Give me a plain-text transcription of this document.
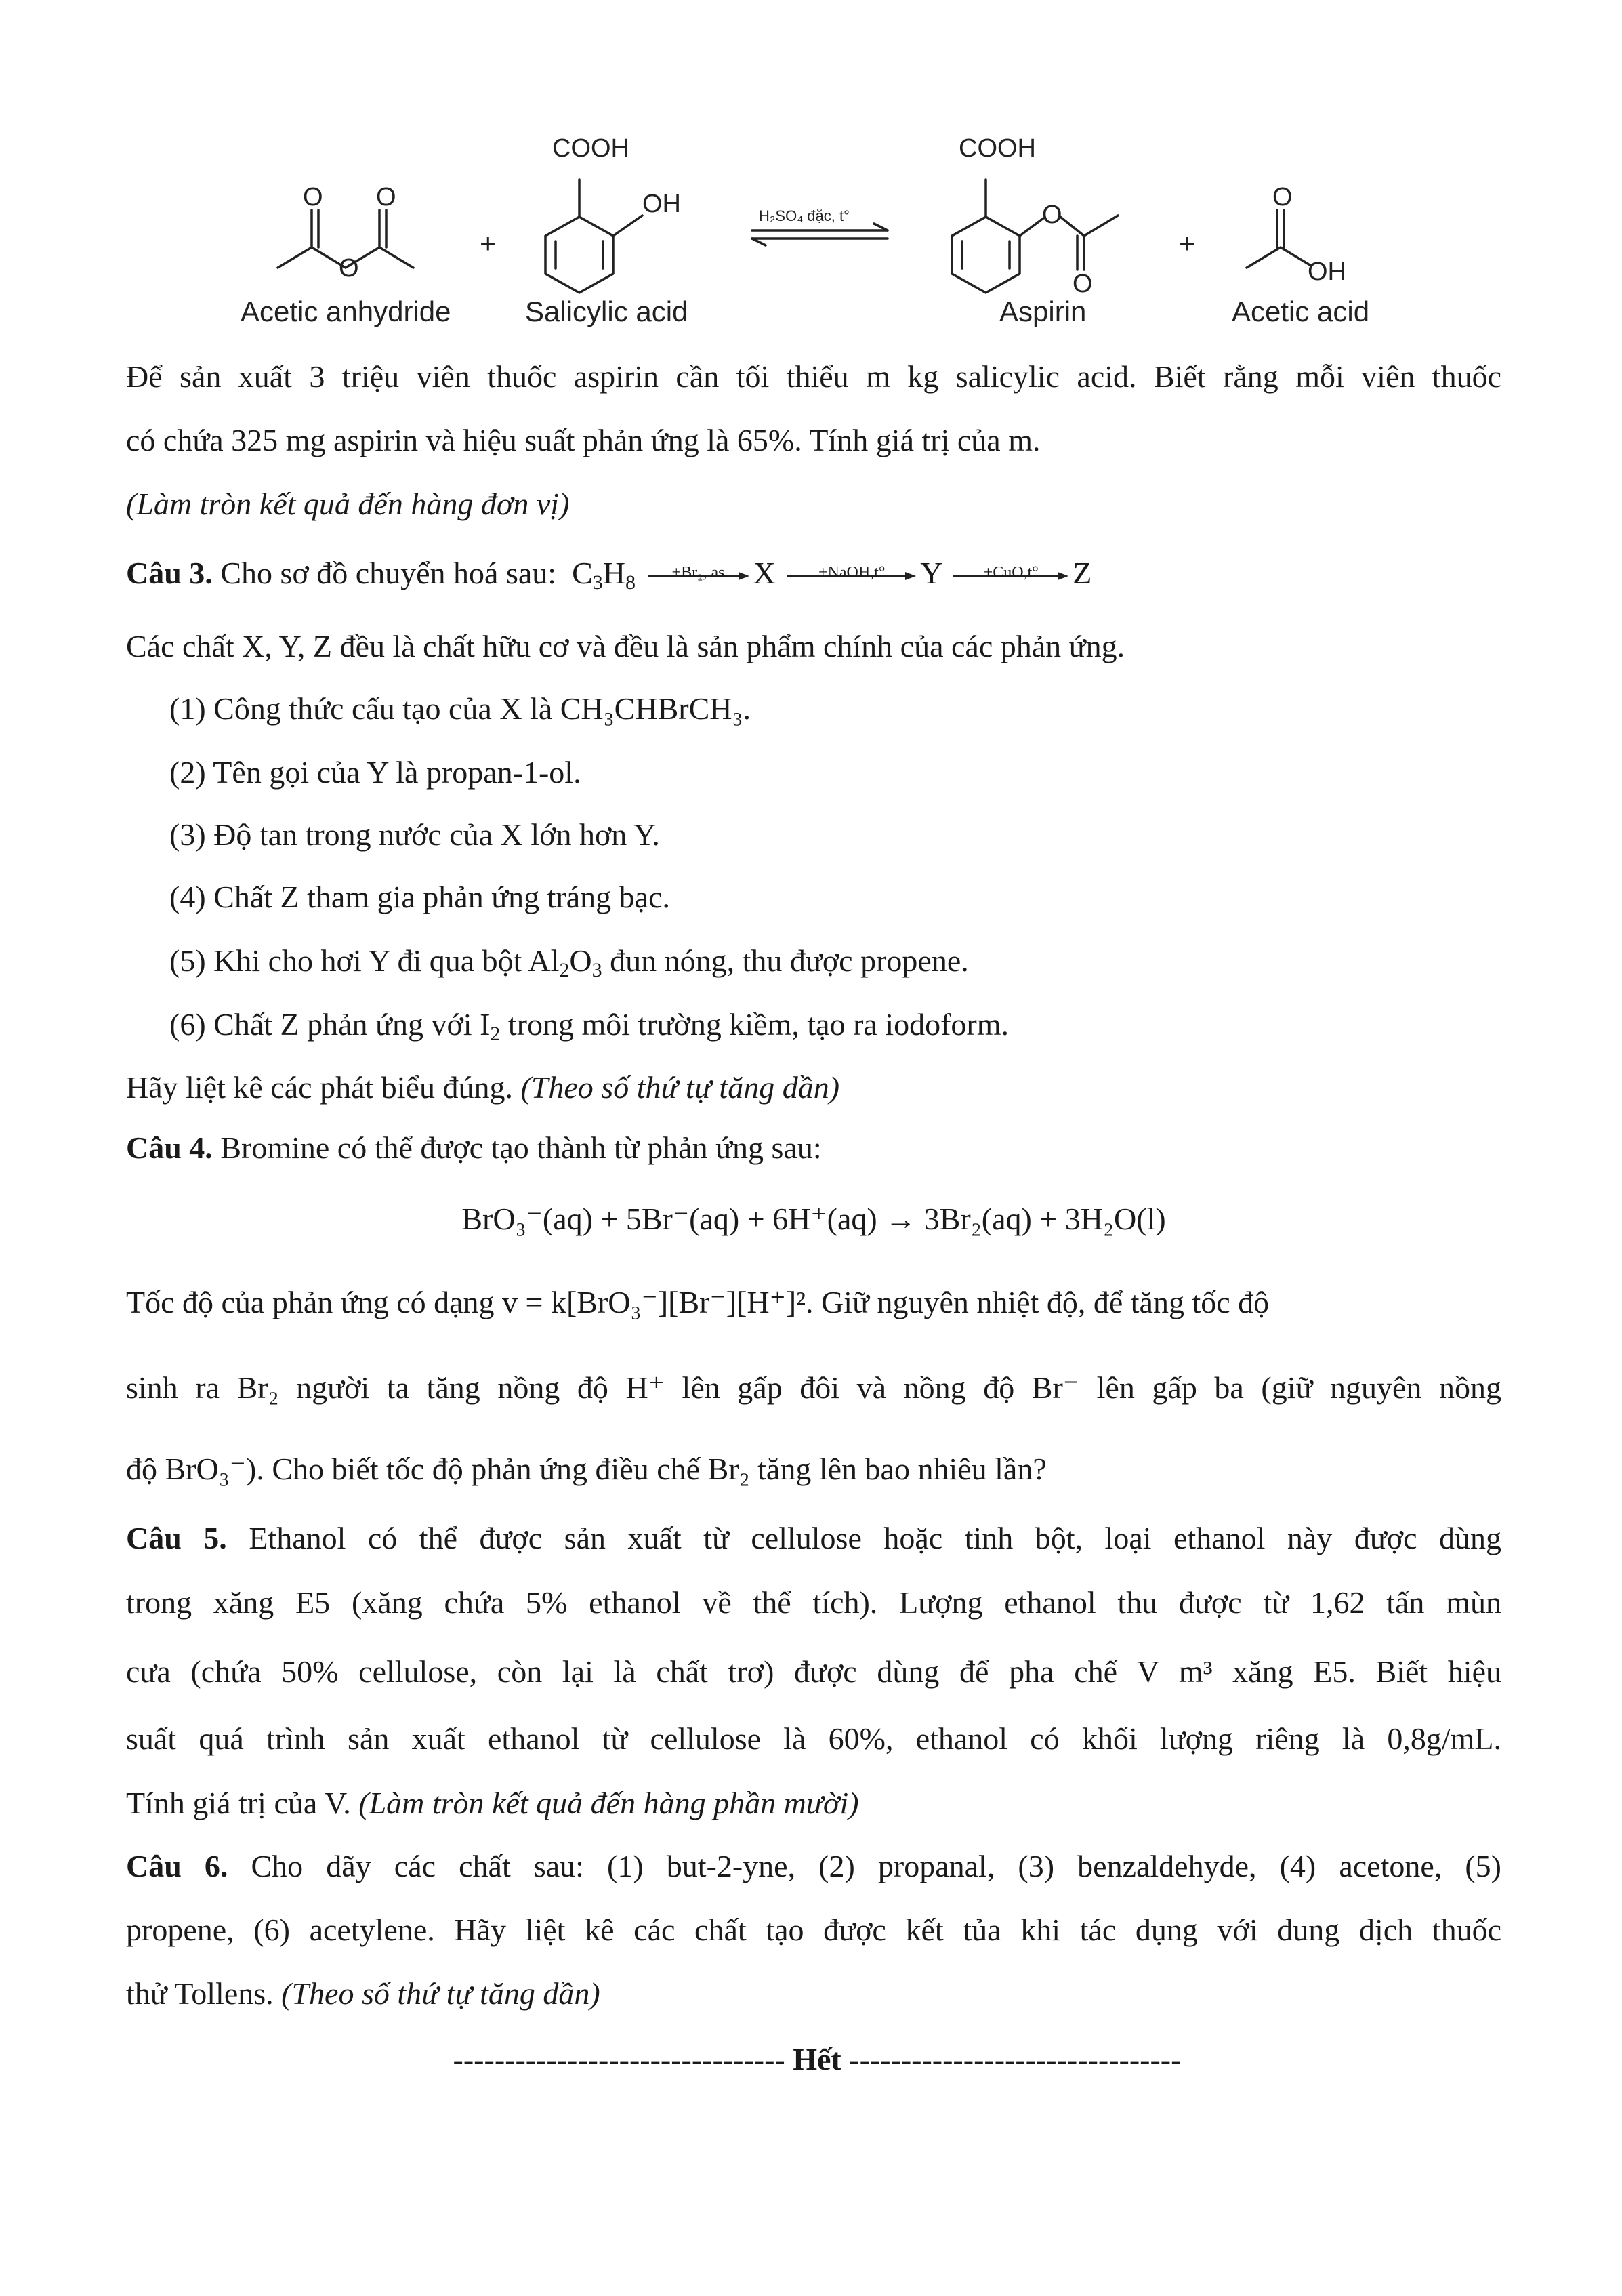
O O
O
COOH
OH
COOH
O
O
O
OH
+	+
H₂SO₄ đặc, t°
Acetic anhydride	Salicylic acid	Aspirin	Acetic acid
Để sản xuất 3 triệu viên thuốc aspirin cần tối thiểu m kg salicylic acid. Biết rằng mỗi viên thuốc
có chứa 325 mg aspirin và hiệu suất phản ứng là 65%. Tính giá trị của m.
(Làm tròn kết quả đến hàng đơn vị)
Câu 3. Cho sơ đồ chuyển hoá sau: $C_3H_8$	+Br₂, as X	+NaOH,t°	Y	+CuO,t°	Z
Các chất X, Y, Z đều là chất hữu cơ và đều là sản phẩm chính của các phản ứng.
(1) Công thức cấu tạo của X là CH₃CHBrCH₃.
(2) Tên gọi của Y là propan-1-ol.
(3) Độ tan trong nước của X lớn hơn Y.
(4) Chất Z tham gia phản ứng tráng bạc.
(5) Khi cho hơi Y đi qua bột $Al_2O_3$ đun nóng, thu được propene.
(6) Chất Z phản ứng với $I_2$ trong môi trường kiềm, tạo ra iodoform.
Hãy liệt kê các phát biểu đúng. (Theo số thứ tự tăng dần)
Câu 4. Bromine có thể được tạo thành từ phản ứng sau:
BrO₃⁻(aq) + 5Br⁻(aq) + 6H⁺(aq) → 3Br₂(aq) + 3H₂O(l)
Tốc độ của phản ứng có dạng v = k[BrO₃⁻][Br⁻][H⁺]². Giữ nguyên nhiệt độ, để tăng tốc độ
sinh ra Br₂ người ta tăng nồng độ H⁺ lên gấp đôi và nồng độ Br⁻ lên gấp ba (giữ nguyên nồng
độ BrO₃⁻). Cho biết tốc độ phản ứng điều chế Br₂ tăng lên bao nhiêu lần?
Câu 5. Ethanol có thể được sản xuất từ cellulose hoặc tinh bột, loại ethanol này được dùng
trong xăng E5 (xăng chứa 5% ethanol về thể tích). Lượng ethanol thu được từ 1,62 tấn mùn
cưa (chứa 50% cellulose, còn lại là chất trơ) được dùng để pha chế V m³ xăng E5. Biết hiệu
suất quá trình sản xuất ethanol từ cellulose là 60%, ethanol có khối lượng riêng là 0,8g/mL.
Tính giá trị của V. (Làm tròn kết quả đến hàng phần mười)
Câu 6. Cho dãy các chất sau: (1) but-2-yne, (2) propanal, (3) benzaldehyde, (4) acetone, (5)
propene, (6) acetylene. Hãy liệt kê các chất tạo được kết tủa khi tác dụng với dung dịch thuốc
thử Tollens. (Theo số thứ tự tăng dần)
-------------------------------- Hết --------------------------------
